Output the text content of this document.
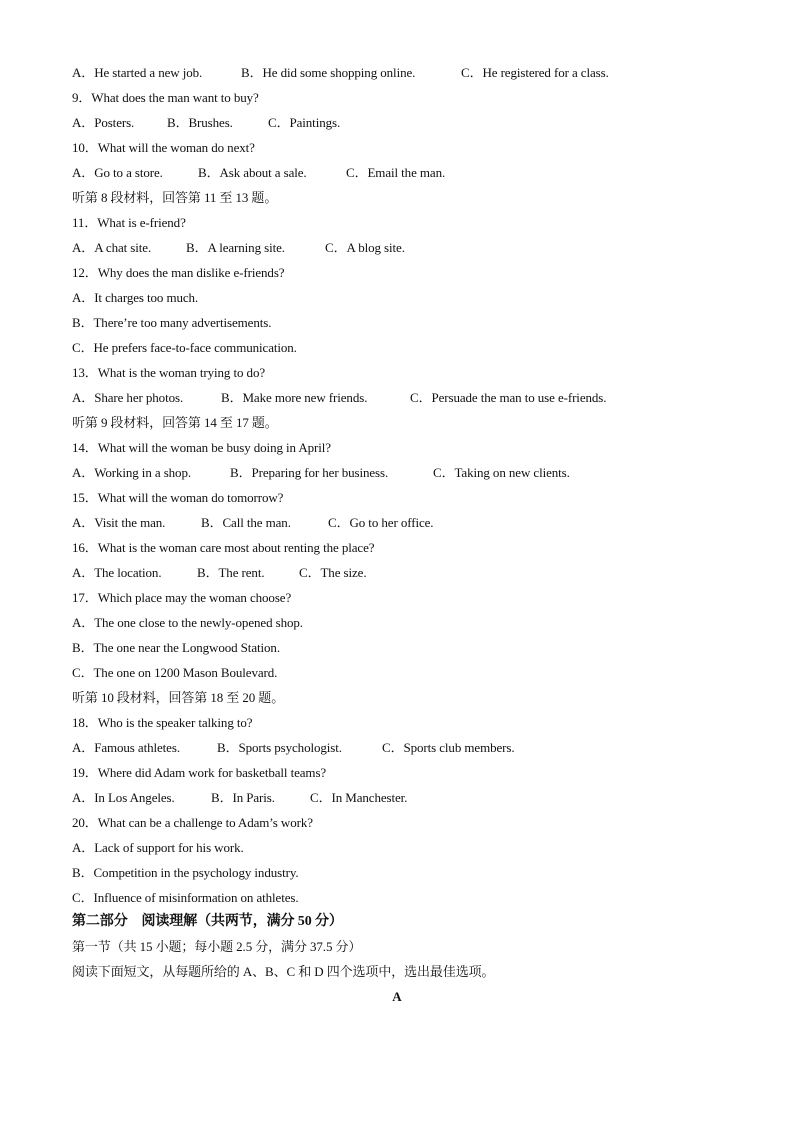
A．He started a new job.	B．He did some shopping online.	C．He registered for a class.
9．What does the man want to buy?
A．Posters.	B．Brushes.	C．Paintings.
10．What will the woman do next?
A．Go to a store.	B．Ask about a sale.	C．Email the man.
听第 8 段材料，回答第 11 至 13 题。
11．What is e-friend?
A．A chat site.	B．A learning site.	C．A blog site.
12．Why does the man dislike e-friends?
A．It charges too much.
B．There’re too many advertisements.
C．He prefers face-to-face communication.
13．What is the woman trying to do?
A．Share her photos.	B．Make more new friends.	C．Persuade the man to use e-friends.
听第 9 段材料，回答第 14 至 17 题。
14．What will the woman be busy doing in April?
A．Working in a shop.	B．Preparing for her business.	C．Taking on new clients.
15．What will the woman do tomorrow?
A．Visit the man.	B．Call the man.	C．Go to her office.
16．What is the woman care most about renting the place?
A．The location.	B．The rent.	C．The size.
17．Which place may the woman choose?
A．The one close to the newly-opened shop.
B．The one near the Longwood Station.
C．The one on 1200 Mason Boulevard.
听第 10 段材料，回答第 18 至 20 题。
18．Who is the speaker talking to?
A．Famous athletes.	B．Sports psychologist.	C．Sports club members.
19．Where did Adam work for basketball teams?
A．In Los Angeles.	B．In Paris.	C．In Manchester.
20．What can be a challenge to Adam’s work?
A．Lack of support for his work.
B．Competition in the psychology industry.
C．Influence of misinformation on athletes.
第二部分　阅读理解（共两节，满分 50 分）
第一节（共 15 小题；每小题 2.5 分，满分 37.5 分）
阅读下面短文，从每题所给的 A、B、C 和 D 四个选项中，选出最佳选项。
A
